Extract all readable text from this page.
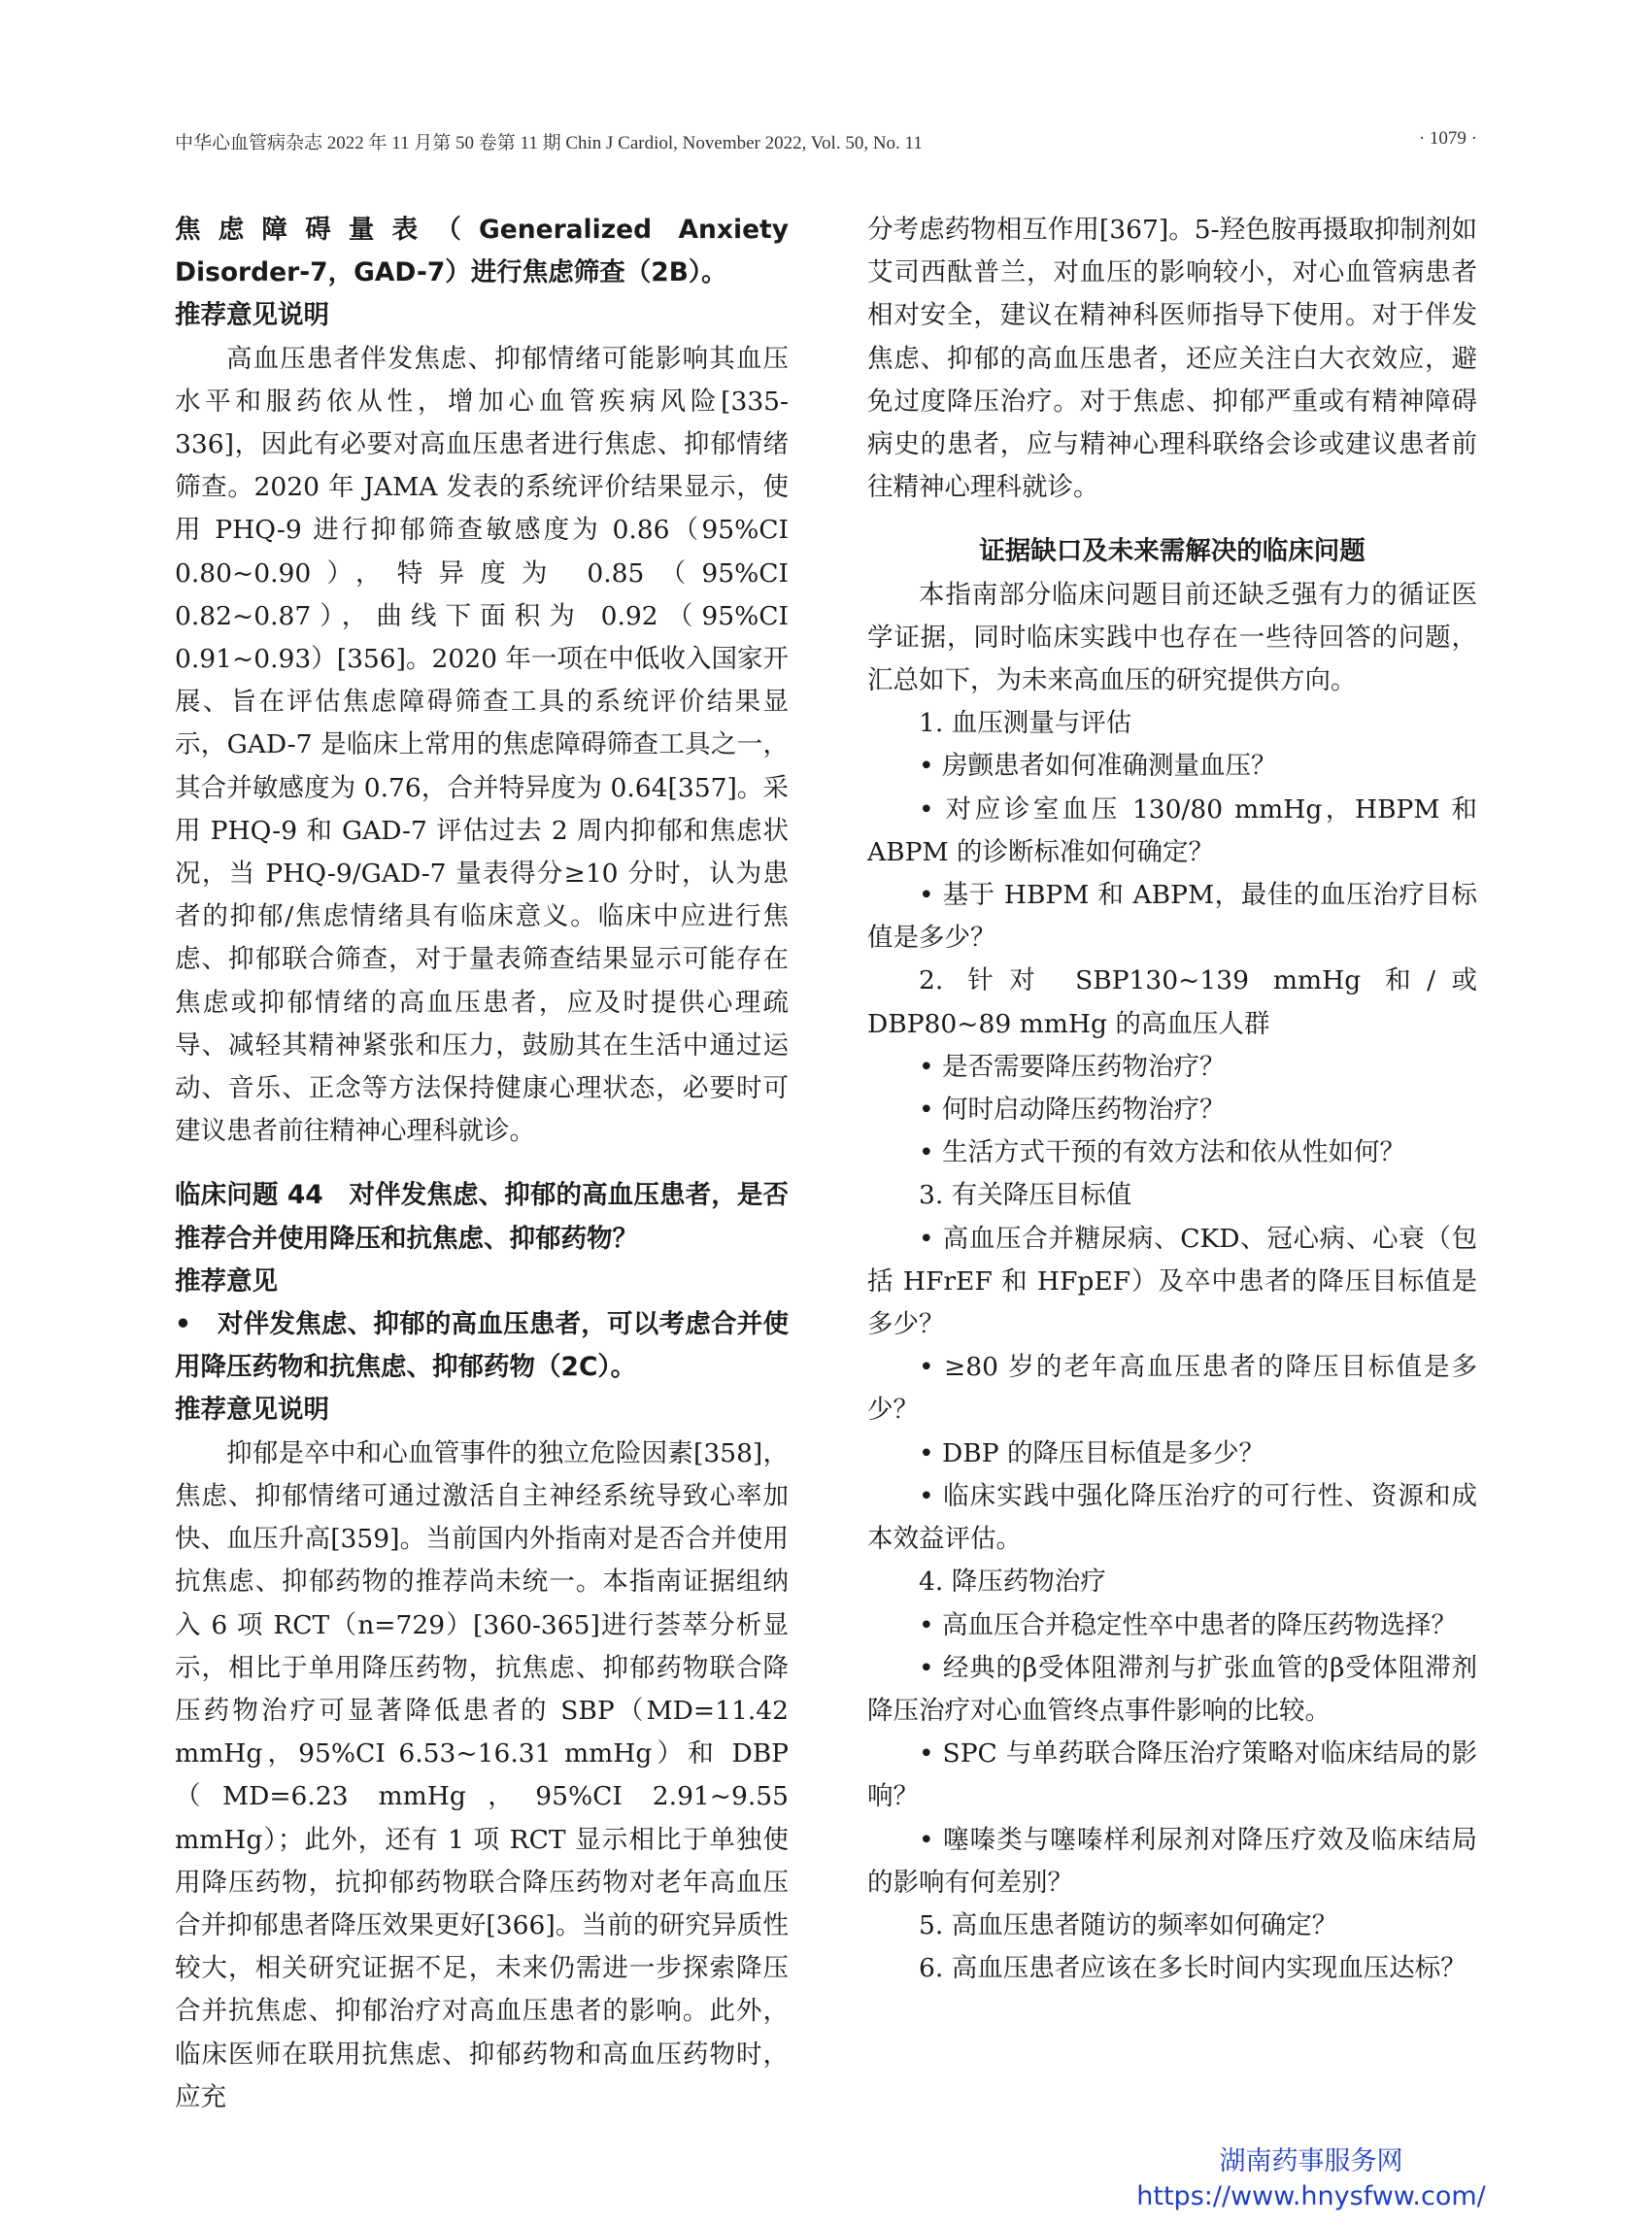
中华心血管病杂志 2022 年 11 月第 50 卷第 11 期 Chin J Cardiol, November 2022, Vol. 50, No. 11	· 1079 ·

焦虑障碍量表（Generalized Anxiety Disorder-7，GAD-7）进行焦虑筛查（2B）。

推荐意见说明

高血压患者伴发焦虑、抑郁情绪可能影响其血压水平和服药依从性，增加心血管疾病风险[335-336]，因此有必要对高血压患者进行焦虑、抑郁情绪筛查。2020 年 JAMA 发表的系统评价结果显示，使用 PHQ-9 进行抑郁筛查敏感度为 0.86（95%CI 0.80~0.90），特异度为 0.85（95%CI 0.82~0.87），曲线下面积为 0.92（95%CI 0.91~0.93）[356]。2020 年一项在中低收入国家开展、旨在评估焦虑障碍筛查工具的系统评价结果显示，GAD-7 是临床上常用的焦虑障碍筛查工具之一，其合并敏感度为 0.76，合并特异度为 0.64[357]。采用 PHQ-9 和 GAD-7 评估过去 2 周内抑郁和焦虑状况，当 PHQ-9/GAD-7 量表得分≥10 分时，认为患者的抑郁/焦虑情绪具有临床意义。临床中应进行焦虑、抑郁联合筛查，对于量表筛查结果显示可能存在焦虑或抑郁情绪的高血压患者，应及时提供心理疏导、减轻其精神紧张和压力，鼓励其在生活中通过运动、音乐、正念等方法保持健康心理状态，必要时可建议患者前往精神心理科就诊。

临床问题 44　对伴发焦虑、抑郁的高血压患者，是否推荐合并使用降压和抗焦虑、抑郁药物？

推荐意见

•　对伴发焦虑、抑郁的高血压患者，可以考虑合并使用降压药物和抗焦虑、抑郁药物（2C）。

推荐意见说明

抑郁是卒中和心血管事件的独立危险因素[358]，焦虑、抑郁情绪可通过激活自主神经系统导致心率加快、血压升高[359]。当前国内外指南对是否合并使用抗焦虑、抑郁药物的推荐尚未统一。本指南证据组纳入 6 项 RCT（n=729）[360-365]进行荟萃分析显示，相比于单用降压药物，抗焦虑、抑郁药物联合降压药物治疗可显著降低患者的 SBP（MD=11.42 mmHg，95%CI 6.53~16.31 mmHg）和 DBP（MD=6.23 mmHg，95%CI 2.91~9.55 mmHg）；此外，还有 1 项 RCT 显示相比于单独使用降压药物，抗抑郁药物联合降压药物对老年高血压合并抑郁患者降压效果更好[366]。当前的研究异质性较大，相关研究证据不足，未来仍需进一步探索降压合并抗焦虑、抑郁治疗对高血压患者的影响。此外，临床医师在联用抗焦虑、抑郁药物和高血压药物时，应充

分考虑药物相互作用[367]。5-羟色胺再摄取抑制剂如艾司西酞普兰，对血压的影响较小，对心血管病患者相对安全，建议在精神科医师指导下使用。对于伴发焦虑、抑郁的高血压患者，还应关注白大衣效应，避免过度降压治疗。对于焦虑、抑郁严重或有精神障碍病史的患者，应与精神心理科联络会诊或建议患者前往精神心理科就诊。

证据缺口及未来需解决的临床问题

本指南部分临床问题目前还缺乏强有力的循证医学证据，同时临床实践中也存在一些待回答的问题，汇总如下，为未来高血压的研究提供方向。

1. 血压测量与评估

• 房颤患者如何准确测量血压？

• 对应诊室血压 130/80 mmHg，HBPM 和 ABPM 的诊断标准如何确定？

• 基于 HBPM 和 ABPM，最佳的血压治疗目标值是多少？

2. 针对 SBP130~139 mmHg 和/或 DBP80~89 mmHg 的高血压人群

• 是否需要降压药物治疗？

• 何时启动降压药物治疗？

• 生活方式干预的有效方法和依从性如何？

3. 有关降压目标值

• 高血压合并糖尿病、CKD、冠心病、心衰（包括 HFrEF 和 HFpEF）及卒中患者的降压目标值是多少？

• ≥80 岁的老年高血压患者的降压目标值是多少？

• DBP 的降压目标值是多少？

• 临床实践中强化降压治疗的可行性、资源和成本效益评估。

4. 降压药物治疗

• 高血压合并稳定性卒中患者的降压药物选择？

• 经典的β受体阻滞剂与扩张血管的β受体阻滞剂降压治疗对心血管终点事件影响的比较。

• SPC 与单药联合降压治疗策略对临床结局的影响？

• 噻嗪类与噻嗪样利尿剂对降压疗效及临床结局的影响有何差别？

5. 高血压患者随访的频率如何确定？

6. 高血压患者应该在多长时间内实现血压达标？

湖南药事服务网
https://www.hnysfww.com/
